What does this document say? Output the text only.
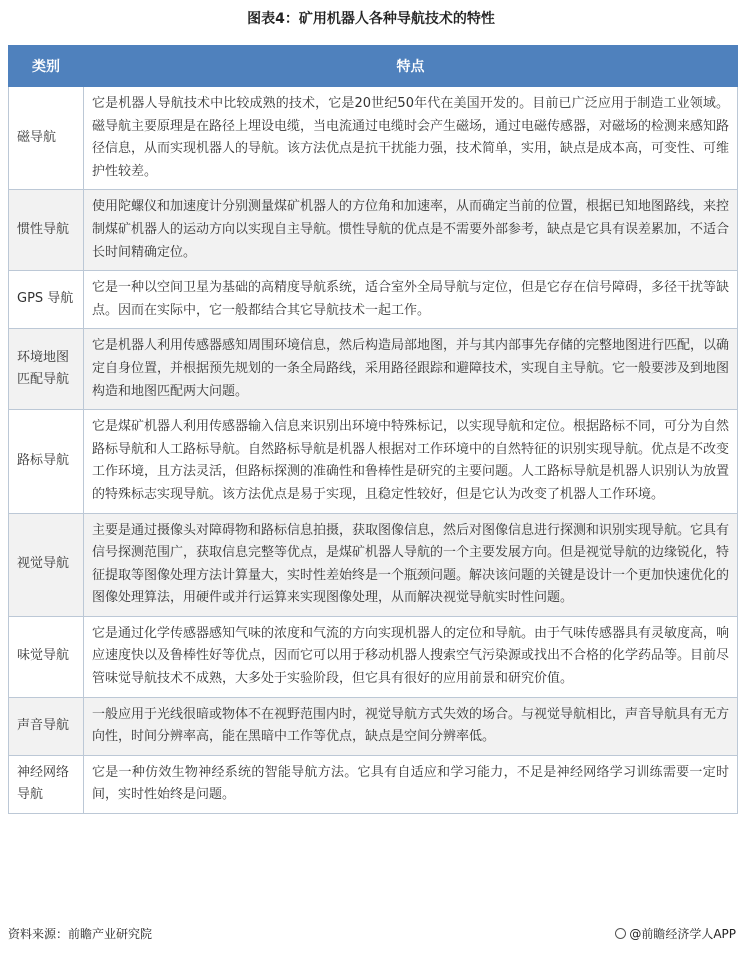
图表4：矿用机器人各种导航技术的特性
类别	特点
磁导航	它是机器人导航技术中比较成熟的技术，它是20世纪50年代在美国开发的。目前已广泛应用于制造工业领域。磁导航主要原理是在路径上埋设电缆，当电流通过电缆时会产生磁场，通过电磁传感器，对磁场的检测来感知路径信息，从而实现机器人的导航。该方法优点是抗干扰能力强，技术简单，实用，缺点是成本高，可变性、可维护性较差。
惯性导航	使用陀螺仪和加速度计分别测量煤矿机器人的方位角和加速率，从而确定当前的位置，根据已知地图路线，来控制煤矿机器人的运动方向以实现自主导航。惯性导航的优点是不需要外部参考，缺点是它具有误差累加，不适合长时间精确定位。
GPS 导航	它是一种以空间卫星为基础的高精度导航系统，适合室外全局导航与定位，但是它存在信号障碍，多径干扰等缺点。因而在实际中，它一般都结合其它导航技术一起工作。
环境地图匹配导航	它是机器人利用传感器感知周围环境信息，然后构造局部地图，并与其内部事先存储的完整地图进行匹配，以确定自身位置，并根据预先规划的一条全局路线，采用路径跟踪和避障技术，实现自主导航。它一般要涉及到地图构造和地图匹配两大问题。
路标导航	它是煤矿机器人利用传感器输入信息来识别出环境中特殊标记，以实现导航和定位。根据路标不同，可分为自然路标导航和人工路标导航。自然路标导航是机器人根据对工作环境中的自然特征的识别实现导航。优点是不改变工作环境，且方法灵活，但路标探测的准确性和鲁棒性是研究的主要问题。人工路标导航是机器人识别认为放置的特殊标志实现导航。该方法优点是易于实现，且稳定性较好，但是它认为改变了机器人工作环境。
视觉导航	主要是通过摄像头对障碍物和路标信息拍摄，获取图像信息，然后对图像信息进行探测和识别实现导航。它具有信号探测范围广，获取信息完整等优点，是煤矿机器人导航的一个主要发展方向。但是视觉导航的边缘锐化，特征提取等图像处理方法计算量大，实时性差始终是一个瓶颈问题。解决该问题的关键是设计一个更加快速优化的图像处理算法，用硬件或并行运算来实现图像处理，从而解决视觉导航实时性问题。
味觉导航	它是通过化学传感器感知气味的浓度和气流的方向实现机器人的定位和导航。由于气味传感器具有灵敏度高，响应速度快以及鲁棒性好等优点，因而它可以用于移动机器人搜索空气污染源或找出不合格的化学药品等。目前尽管味觉导航技术不成熟，大多处于实验阶段，但它具有很好的应用前景和研究价值。
声音导航	一般应用于光线很暗或物体不在视野范围内时，视觉导航方式失效的场合。与视觉导航相比，声音导航具有无方向性，时间分辨率高，能在黑暗中工作等优点，缺点是空间分辨率低。
神经网络导航	它是一种仿效生物神经系统的智能导航方法。它具有自适应和学习能力，不足是神经网络学习训练需要一定时间，实时性始终是问题。
资料来源：前瞻产业研究院	@前瞻经济学人APP
